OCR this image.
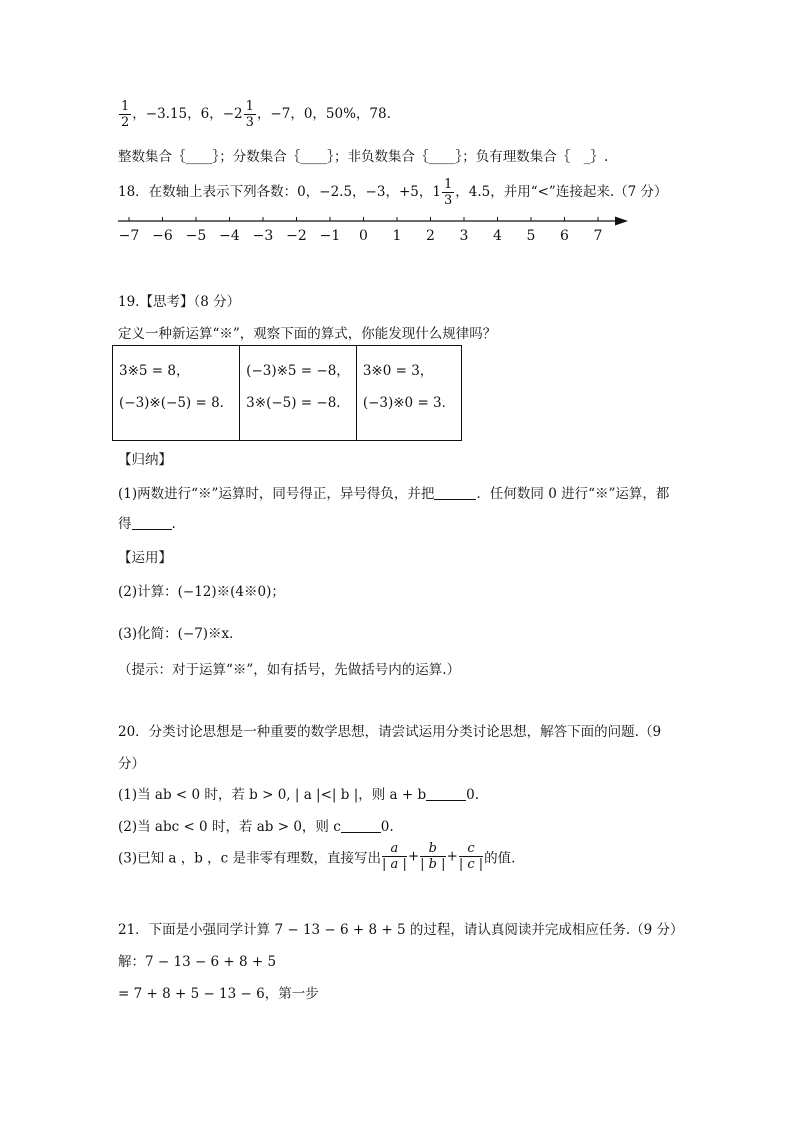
$\frac{1}{2}$ ，−3.15，6，$-2 \frac{1}{3}$ ，−7，0，50%，78.
整数集合｛____｝；分数集合｛____｝；非负数集合｛____｝；负有理数集合｛　_｝.
18．在数轴上表示下列各数：0，−2.5，−3，+5，$1 \frac{1}{3}$ ，4.5，并用“<”连接起来.（7 分）
−7 −6 −5 −4 −3 −2 −1 0 1 2 3 4 5 6 7
19.【思考】（8 分）
定义一种新运算“※”，观察下面的算式，你能发现什么规律吗？
3※5 = 8，
(−3)※(−5) = 8．

(−3)※5 = −8，
3※(−5) = −8．

3※0 = 3，
(−3)※0 = 3．
【归纳】
(1)两数进行“※”运算时，同号得正，异号得负，并把	．任何数同 0 进行“※”运算，都
得	.
【运用】
(2)计算：(−12)※(4※0)；
(3)化简：(−7)※x．
（提示：对于运算“※”，如有括号，先做括号内的运算.）
20．分类讨论思想是一种重要的数学思想，请尝试运用分类讨论思想，解答下面的问题.（9
分）
(1)当 ab < 0 时，若 b > 0, | a |<| b |，则 a + b	0.
(2)当 abc < 0 时，若 ab > 0，则 c	0.
(3)已知 a ，b ，c 是非零有理数，直接写出 $\frac{a}{| a |} + \frac{b}{| b |} + \frac{c}{| c |}$ 的值.
21．下面是小强同学计算 7 − 13 − 6 + 8 + 5 的过程，请认真阅读并完成相应任务.（9 分）
解：7 − 13 − 6 + 8 + 5
= 7 + 8 + 5 − 13 − 6，第一步
